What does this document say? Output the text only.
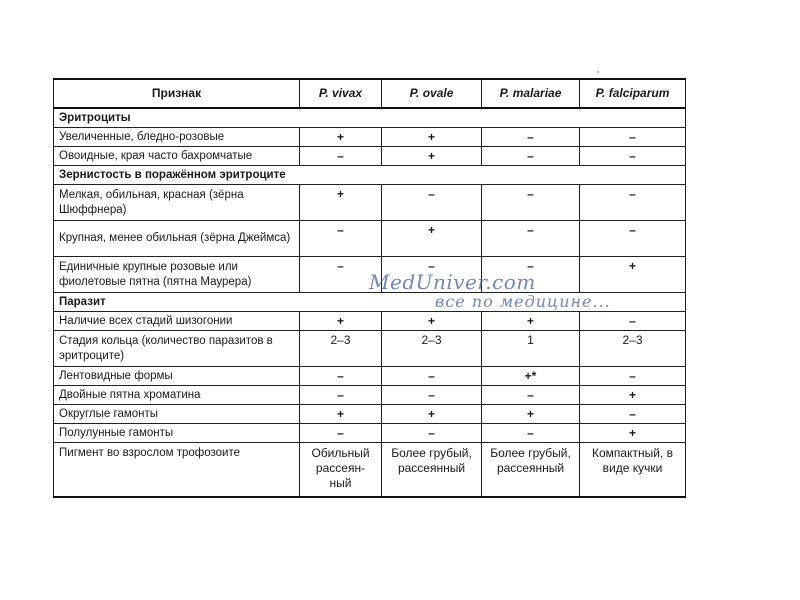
'
Признак	P. vivax	P. ovale	P. malariae	P. falciparum
Эритроциты				
Увеличенные, бледно-розовые	+	+	–	–
Овоидные, края часто бахромчатые	–	+	–	–
Зернистость в поражённом эритроците				
Мелкая, обильная, красная (зёрна Шюффнера)	+	–	–	–
Крупная, менее обильная (зёрна Джеймса)	–	+	–	–
Единичные крупные розовые или фиолетовые пятна (пятна Маурера)	–	–	–	+
Паразит				
Наличие всех стадий шизогонии	+	+	+	–
Стадия кольца (количество паразитов в эритроците)	2–3	2–3	1	2–3
Лентовидные формы	–	–	+*	–
Двойные пятна хроматина	–	–	–	+
Округлые гамонты	+	+	+	–
Полулунные гамонты	–	–	–	+
Пигмент во взрослом трофозоите	Обильный рассеян-ный	Более грубый, рассеянный	Более грубый, рассеянный	Компактный, в виде кучки
MedUniver.com
все по медицине...
